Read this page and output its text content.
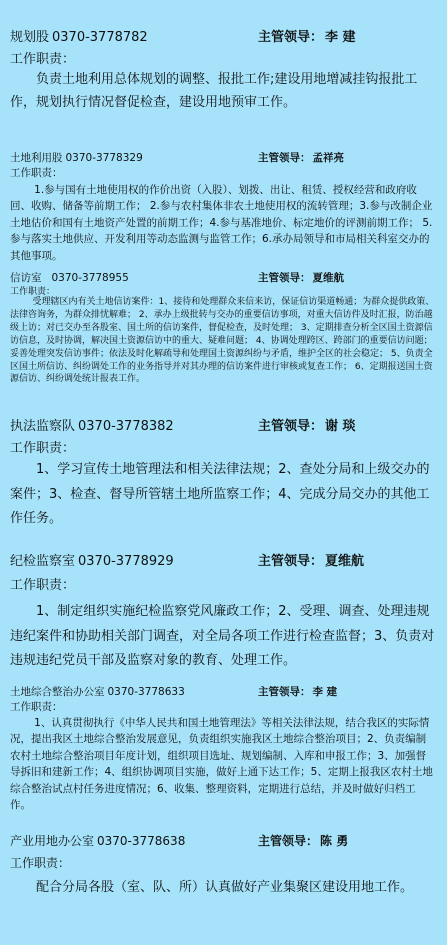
规划股 0370-3778782	主管领导： 李 建
工作职责：

负责土地利用总体规划的调整、报批工作;建设用地增减挂钩报批工作，规划执行情况督促检查，建设用地预审工作。

土地利用股 0370-3778329	主管领导： 孟祥亮
工作职责：

1.参与国有土地使用权的作价出资（入股）、划拨、出让、租赁、授权经营和政府收回、收购、储备等前期工作； 2.参与农村集体非农土地使用权的流转管理；3.参与改制企业土地估价和国有土地资产处置的前期工作；4.参与基准地价、标定地价的评测前期工作； 5.参与落实土地供应、开发利用等动态监测与监管工作；6.承办局领导和市局相关科室交办的其他事项。

信访室 0370-3778955	主管领导： 夏维航
工作职责：

受理辖区内有关土地信访案件：1、接待和处理群众来信来访，保证信访渠道畅通；为群众提供政策、法律咨询务，为群众排忧解难； 2、承办上级批转与交办的重要信访事项，对重大信访件及时汇报，防治越级上访；对已交办至各股室、国土所的信访案件，督促检查，及时处理； 3、定期排查分析全区国土资源信访信息，及时协调，解决国土资源信访中的重大、疑难问题； 4、协调处理跨区、跨部门的重要信访问题； 妥善处理突发信访事件；依法及时化解疏导和处理国土资源纠纷与矛盾，维护全区的社会稳定； 5、负责全区国土所信访、纠纷调处工作的业务指导并对其办理的信访案件进行审核或复查工作； 6、定期报送国土资源信访、纠纷调处统计报表工作。

执法监察队 0370-3778382	主管领导： 谢 琰
工作职责：

1、学习宣传土地管理法和相关法律法规；2、查处分局和上级交办的案件；3、检查、督导所管辖土地所监察工作；4、完成分局交办的其他工作任务。

纪检监察室 0370-3778929	主管领导： 夏维航
工作职责：

1、制定组织实施纪检监察党风廉政工作；2、受理、调查、处理违规违纪案件和协助相关部门调查，对全局各项工作进行检查监督；3、负责对违规违纪党员干部及监察对象的教育、处理工作。

土地综合整治办公室 0370-3778633	主管领导： 李 建
工作职责：

1、认真贯彻执行《中华人民共和国土地管理法》等相关法律法规，结合我区的实际情况，提出我区土地综合整治发展意见，负责组织实施我区土地综合整治项目；2、负责编制农村土地综合整治项目年度计划，组织项目选址、规划编制、入库和申报工作；3、加强督导拆旧和建新工作；4、组织协调项目实施，做好上通下达工作；5、定期上报我区农村土地综合整治试点村任务进度情况；6、收集、整理资料，定期进行总结，并及时做好归档工作。

产业用地办公室 0370-3778638	主管领导： 陈 勇
工作职责：

配合分局各股（室、队、所）认真做好产业集聚区建设用地工作。
